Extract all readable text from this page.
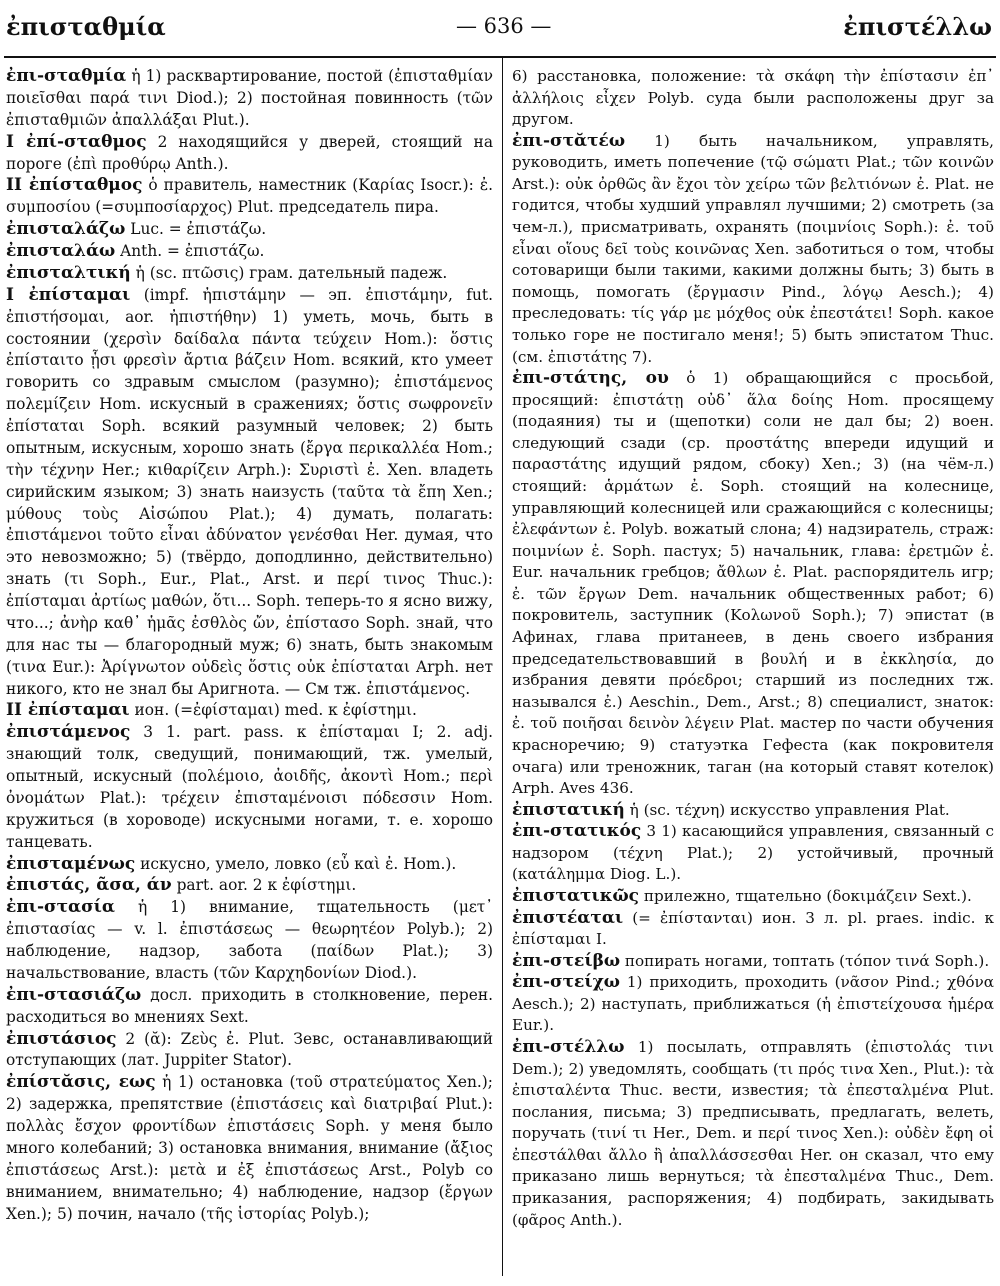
ἐπισταθμία	— 636 —	ἐπιστέλλω

ἐπι-σταθμία ἡ 1) расквартирование, постой (ἐπισταθμίαν ποιεῖσθαι παρά τινι Diod.); 2) постойная повинность (τῶν ἐπισταθμιῶν ἀπαλλάξαι Plut.).

I ἐπί-σταθμος 2 находящийся у дверей, стоящий на пороге (ἐπὶ προθύρῳ Anth.).

II ἐπίσταθμος ὁ правитель, наместник (Καρίας Isocr.): ἐ. συμποσίου (=συμποσίαρχος) Plut. председатель пира.

ἐπισταλάζω Luc. = ἐπιστάζω.

ἐπισταλάω Anth. = ἐπιστάζω.

ἐπισταλτική ἡ (sc. πτῶσις) грам. дательный падеж.

I ἐπίσταμαι (impf. ἠπιστάμην — эп. ἐπιστάμην, fut. ἐπιστήσομαι, aor. ἠπιστήθην) 1) уметь, мочь, быть в состоянии (χερσὶν δαίδαλα πάντα τεύχειν Hom.): ὅστις ἐπίσταιτο ᾗσι φρεσὶν ἄρτια βάζειν Hom. всякий, кто умеет говорить со здравым смыслом (разумно); ἐπιστάμενος πολεμίζειν Hom. искусный в сражениях; ὅστις σωφρονεῖν ἐπίσταται Soph. всякий разумный человек; 2) быть опытным, искусным, хорошо знать (ἔργα περικαλλέα Hom.; τὴν τέχνην Her.; κιθαρίζειν Arph.): Συριστὶ ἐ. Xen. владеть сирийским языком; 3) знать наизусть (ταῦτα τὰ ἔπη Xen.; μύθους τοὺς Αἰσώπου Plat.); 4) думать, полагать: ἐπιστάμενοι τοῦτο εἶναι ἀδύνατον γενέσθαι Her. думая, что это невозможно; 5) (твёрдо, доподлинно, действительно) знать (τι Soph., Eur., Plat., Arst. и περί τινος Thuc.): ἐπίσταμαι ἀρτίως μαθών, ὅτι... Soph. теперь-то я ясно вижу, что...; ἀνὴρ καθ᾽ ἡμᾶς ἐσθλὸς ὤν, ἐπίστασο Soph. знай, что для нас ты — благородный муж; 6) знать, быть знакомым (τινα Eur.): Ἀρίγνωτον οὐδεὶς ὅστις οὐκ ἐπίσταται Arph. нет никого, кто не знал бы Аригнота. — См тж. ἐπιστάμενος.

II ἐπίσταμαι ион. (=ἐφίσταμαι) med. к ἐφίστημι.

ἐπιστάμενος 3 1. part. pass. к ἐπίσταμαι I; 2. adj. знающий толк, сведущий, понимающий, тж. умелый, опытный, искусный (πολέμοιο, ἀοιδῆς, ἀκοντὶ Hom.; περὶ ὀνομάτων Plat.): τρέχειν ἐπισταμένοισι πόδεσσιν Hom. кружиться (в хороводе) искусными ногами, т. е. хорошо танцевать.

ἐπισταμένως искусно, умело, ловко (εὖ καὶ ἐ. Hom.).

ἐπιστάς, ᾶσα, άν part. aor. 2 к ἐφίστημι.

ἐπι-στασία ἡ 1) внимание, тщательность (μετ᾽ ἐπιστασίας — v. l. ἐπιστάσεως — θεωρητέον Polyb.); 2) наблюдение, надзор, забота (παίδων Plat.); 3) начальствование, власть (τῶν Καρχηδονίων Diod.).

ἐπι-στασιάζω досл. приходить в столкновение, перен. расходиться во мнениях Sext.

ἐπιστάσιος 2 (ᾰ): Ζεὺς ἐ. Plut. Зевс, останавливающий отступающих (лат. Juppiter Stator).

ἐπίστᾰσις, εως ἡ 1) остановка (τοῦ στρατεύματος Xen.); 2) задержка, препятствие (ἐπιστάσεις καὶ διατριβαί Plut.): πολλὰς ἔσχον φροντίδων ἐπιστάσεις Soph. у меня было много колебаний; 3) остановка внимания, внимание (ἄξιος ἐπιστάσεως Arst.): μετὰ и ἐξ ἐπιστάσεως Arst., Polyb со вниманием, внимательно; 4) наблюдение, надзор (ἔργων Xen.); 5) почин, начало (τῆς ἱστορίας Polyb.);

6) расстановка, положение: τὰ σκάφη τὴν ἐπίστασιν ἐπ᾽ ἀλλήλοις εἶχεν Polyb. суда были расположены друг за другом.

ἐπι-στᾰτέω 1) быть начальником, управлять, руководить, иметь попечение (τῷ σώματι Plat.; τῶν κοινῶν Arst.): οὐκ ὀρθῶς ἂν ἔχοι τὸν χείρω τῶν βελτιόνων ἐ. Plat. не годится, чтобы худший управлял лучшими; 2) смотреть (за чем-л.), присматривать, охранять (ποιμνίοις Soph.): ἐ. τοῦ εἶναι οἵους δεῖ τοὺς κοινῶνας Xen. заботиться о том, чтобы сотоварищи были такими, какими должны быть; 3) быть в помощь, помогать (ἔργμασιν Pind., λόγῳ Aesch.); 4) преследовать: τίς γάρ με μόχθος οὐκ ἐπεστάτει! Soph. какое только горе не постигало меня!; 5) быть эпистатом Thuc. (см. ἐπιστάτης 7).

ἐπι-στάτης, ου ὁ 1) обращающийся с просьбой, просящий: ἐπιστάτῃ οὐδ᾽ ἅλα δοίης Hom. просящему (подаяния) ты и (щепотки) соли не дал бы; 2) воен. следующий сзади (ср. προστάτης впереди идущий и παραστάτης идущий рядом, сбоку) Xen.; 3) (на чём-л.) стоящий: ἁρμάτων ἐ. Soph. стоящий на колеснице, управляющий колесницей или сражающийся с колесницы; ἐλεφάντων ἐ. Polyb. вожатый слона; 4) надзиратель, страж: ποιμνίων ἐ. Soph. пастух; 5) начальник, глава: ἐρετμῶν ἐ. Eur. начальник гребцов; ἄθλων ἐ. Plat. распорядитель игр; ἐ. τῶν ἔργων Dem. начальник общественных работ; 6) покровитель, заступник (Κολωνοῦ Soph.); 7) эпистат (в Афинах, глава пританеев, в день своего избрания председательствовавший в βουλή и в ἐκκλησία, до избрания девяти πρόεδροι; старший из последних тж. назывался ἐ.) Aeschin., Dem., Arst.; 8) специалист, знаток: ἐ. τοῦ ποιῆσαι δεινὸν λέγειν Plat. мастер по части обучения красноречию; 9) статуэтка Гефеста (как покровителя очага) или треножник, таган (на который ставят котелок) Arph. Aves 436.

ἐπιστατική ἡ (sc. τέχνη) искусство управления Plat.

ἐπι-στατικός 3 1) касающийся управления, связанный с надзором (τέχνη Plat.); 2) устойчивый, прочный (κατάλημμα Diog. L.).

ἐπιστατικῶς прилежно, тщательно (δοκιμάζειν Sext.).

ἐπιστέαται (= ἐπίστανται) ион. 3 л. pl. praes. indic. к ἐπίσταμαι I.

ἐπι-στείβω попирать ногами, топтать (τόπον τινά Soph.).

ἐπι-στείχω 1) приходить, проходить (νᾶσον Pind.; χθόνα Aesch.); 2) наступать, приближаться (ἡ ἐπιστείχουσα ἡμέρα Eur.).

ἐπι-στέλλω 1) посылать, отправлять (ἐπιστολάς τινι Dem.); 2) уведомлять, сообщать (τι πρός τινα Xen., Plut.): τὰ ἐπισταλέντα Thuc. вести, известия; τὰ ἐπεσταλμένα Plut. послания, письма; 3) предписывать, предлагать, велеть, поручать (τινί τι Her., Dem. и περί τινος Xen.): οὐδὲν ἔφη οἱ ἐπεστάλθαι ἄλλο ἢ ἀπαλλάσσεσθαι Her. он сказал, что ему приказано лишь вернуться; τὰ ἐπεσταλμένα Thuc., Dem. приказания, распоряжения; 4) подбирать, закидывать (φᾶρος Anth.).
